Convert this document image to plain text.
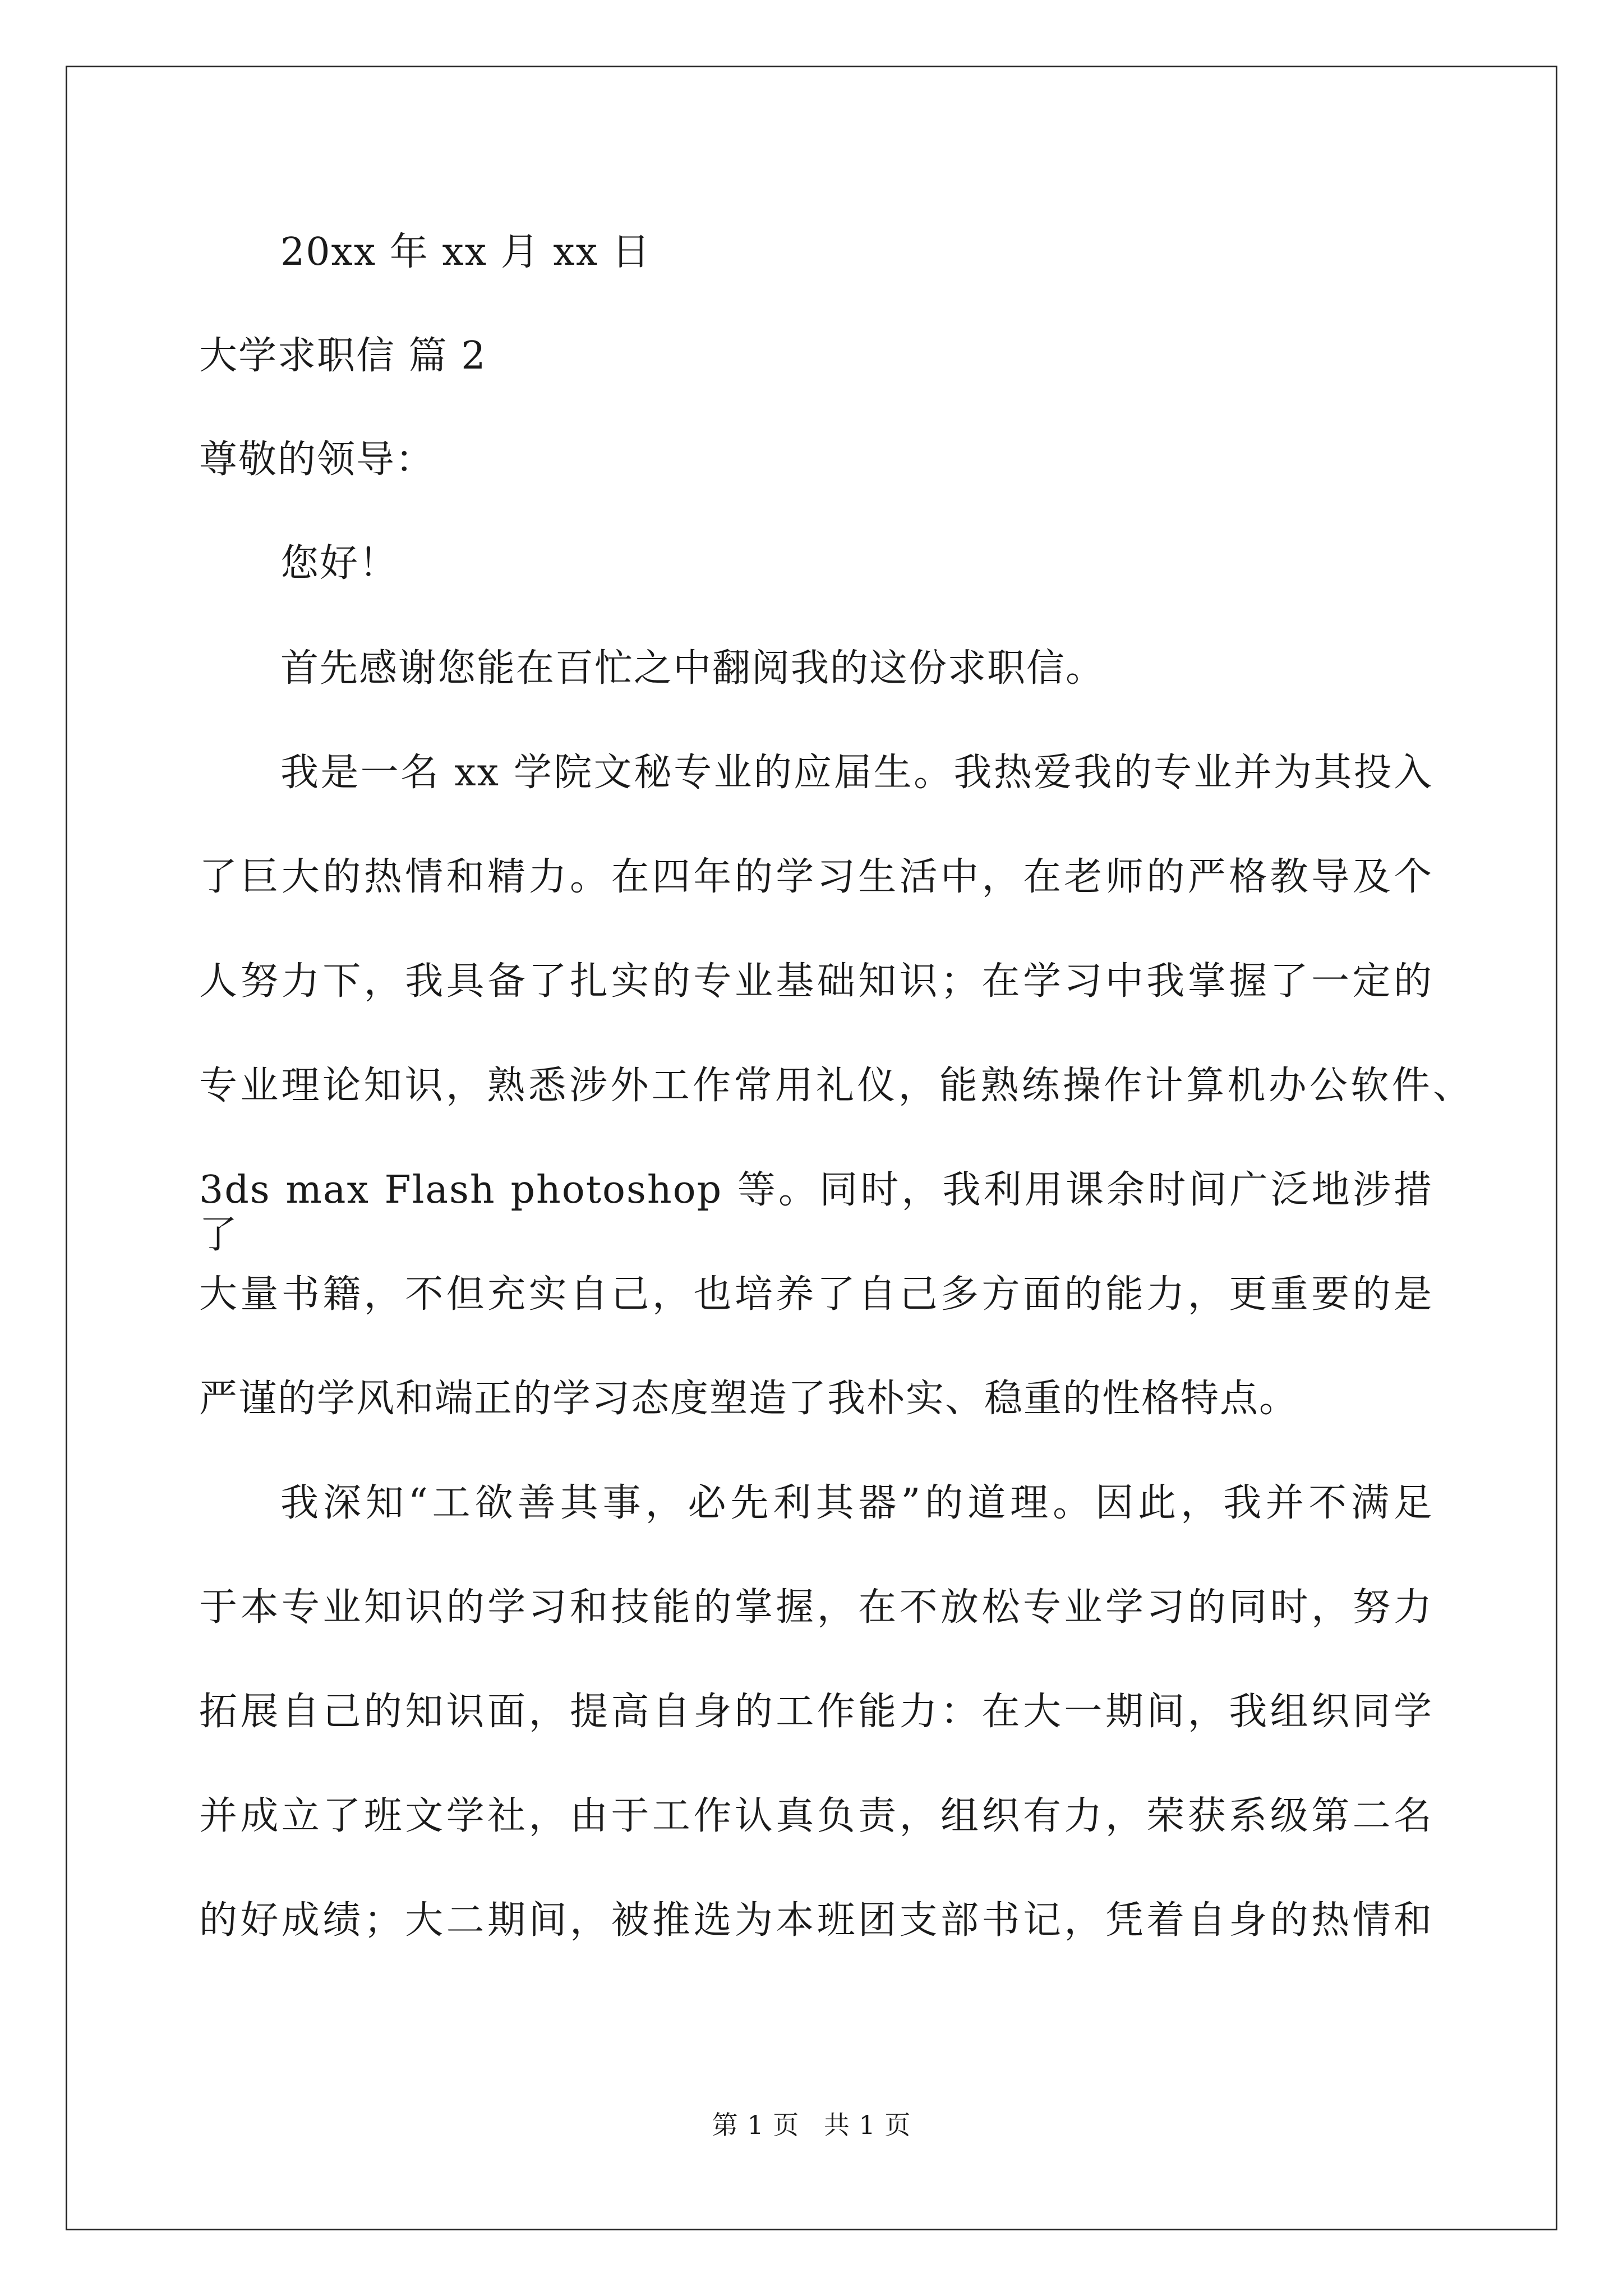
20xx 年 xx 月 xx 日
大学求职信 篇 2
尊敬的领导：
您好！
首先感谢您能在百忙之中翻阅我的这份求职信。
我是一名 xx 学院文秘专业的应届生。我热爱我的专业并为其投入
了巨大的热情和精力。在四年的学习生活中，在老师的严格教导及个
人努力下，我具备了扎实的专业基础知识；在学习中我掌握了一定的
专业理论知识，熟悉涉外工作常用礼仪，能熟练操作计算机办公软件、
3ds max Flash photoshop 等。同时，我利用课余时间广泛地涉措了
大量书籍，不但充实自己，也培养了自己多方面的能力，更重要的是
严谨的学风和端正的学习态度塑造了我朴实、稳重的性格特点。
我深知“工欲善其事，必先利其器”的道理。因此，我并不满足
于本专业知识的学习和技能的掌握，在不放松专业学习的同时，努力
拓展自己的知识面，提高自身的工作能力：在大一期间，我组织同学
并成立了班文学社，由于工作认真负责，组织有力，荣获系级第二名
的好成绩；大二期间，被推选为本班团支部书记，凭着自身的热情和
第 1 页 共 1 页
